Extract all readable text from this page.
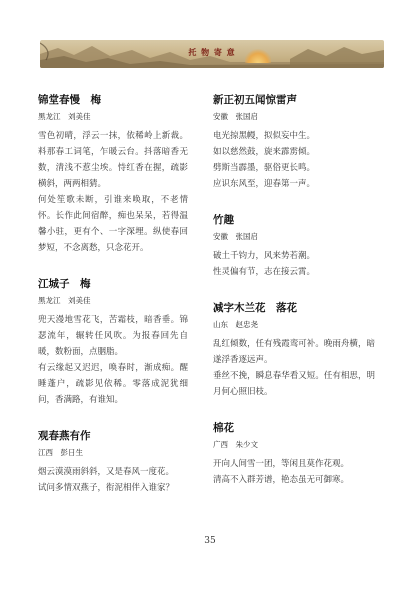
托 物 寄 意
锦堂春慢　梅
黑龙江　刘美佳

雪色初晴，浮云一抹，依稀岭上新裁。料那春工词笔，乍暖云台。抖落暗香无数，清浅不惹尘埃。恃红香在握，疏影横斜，两两相猜。

何处笙歌未断，引谁来唤取，不老情怀。长作此间宿醉，痴也呆呆，若得温馨小驻，更有个、一字深埋。纵使春回梦短，不念离愁，只念花开。

江城子　梅
黑龙江　刘美佳

兜天漫地雪花飞，苦霜枝，暗香垂。锦瑟流年，辗转任风吹。为报春回先自暖，数粉面，点胭脂。

有云缘起又迟迟，唤春时，渐成痴。醒睡蓬户，疏影见依稀。零落成泥犹细问，香满路，有谁知。

观春燕有作
江西　彭日生

烟云漠漠雨斜斜，又是春风一度花。

试问多情双燕子，衔泥相伴入谁家？

新正初五闻惊雷声
安徽　张国启

电光掠黑幔，拟似妄中生。

如以慈然鼓，旋来霹雳倾。

劈斯当霹墨，驱俗更长鸣。

应识东风至，迎春第一声。

竹趣
安徽　张国启

破土千钧力，风来势若潮。

性灵偏有节，志在接云霄。

减字木兰花　落花
山东　赵忠尧

乱红倾数，任有残霞鸾可补。晚雨舟横，暗遂浮香逐远声。

垂丝不挽，瞬息春华看又短。任有相思，明月何心照旧枝。

棉花
广西　朱少文

开向人间雪一团，等闲且莫作花观。

清高不入群芳谱，艳态虽无可御寒。

35
